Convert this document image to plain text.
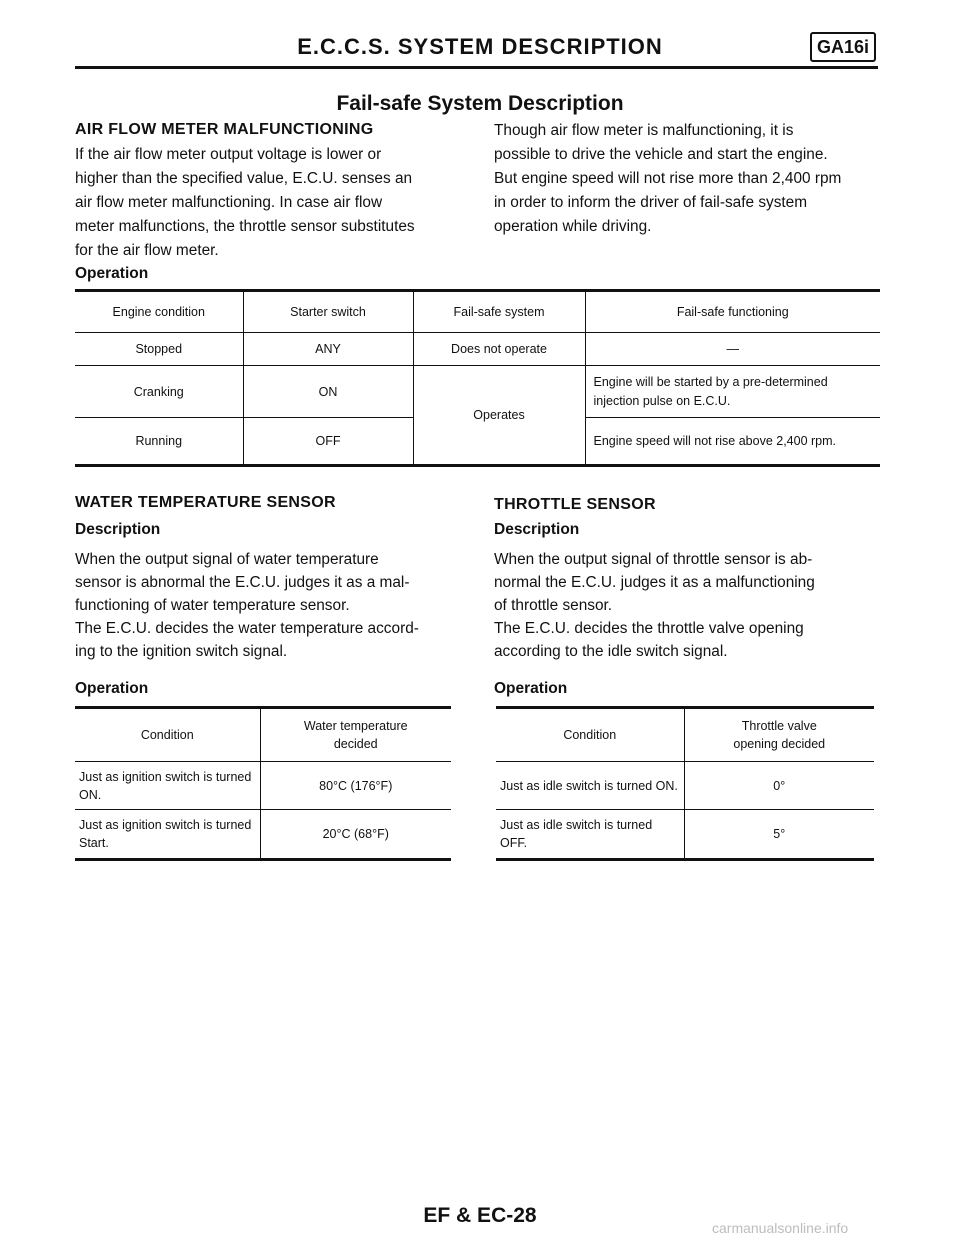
E.C.C.S. SYSTEM DESCRIPTION	GA16i
Fail-safe System Description
AIR FLOW METER MALFUNCTIONING
If the air flow meter output voltage is lower or
higher than the specified value, E.C.U. senses an
air flow meter malfunctioning. In case air flow
meter malfunctions, the throttle sensor substitutes
for the air flow meter.
Though air flow meter is malfunctioning, it is
possible to drive the vehicle and start the engine.
But engine speed will not rise more than 2,400 rpm
in order to inform the driver of fail-safe system
operation while driving.
Operation
Engine condition	Starter switch	Fail-safe system	Fail-safe functioning
Stopped	ANY	Does not operate	—
Cranking	ON	Operates	Engine will be started by a pre-determined injection pulse on E.C.U.
Running	OFF		Engine speed will not rise above 2,400 rpm.
WATER TEMPERATURE SENSOR
Description
When the output signal of water temperature
sensor is abnormal the E.C.U. judges it as a mal-
functioning of water temperature sensor.
The E.C.U. decides the water temperature accord-
ing to the ignition switch signal.
Operation
Condition	Water temperature decided

Just as ignition switch is turned ON.	80°C (176°F)
Just as ignition switch is turned Start.	20°C (68°F)
THROTTLE SENSOR
Description
When the output signal of throttle sensor is ab-
normal the E.C.U. judges it as a malfunctioning
of throttle sensor.
The E.C.U. decides the throttle valve opening
according to the idle switch signal.
Operation
Condition	Throttle valve opening decided

Just as idle switch is turned ON.	0°
Just as idle switch is turned OFF.	5°
EF & EC-28
carmanualsonline.info
